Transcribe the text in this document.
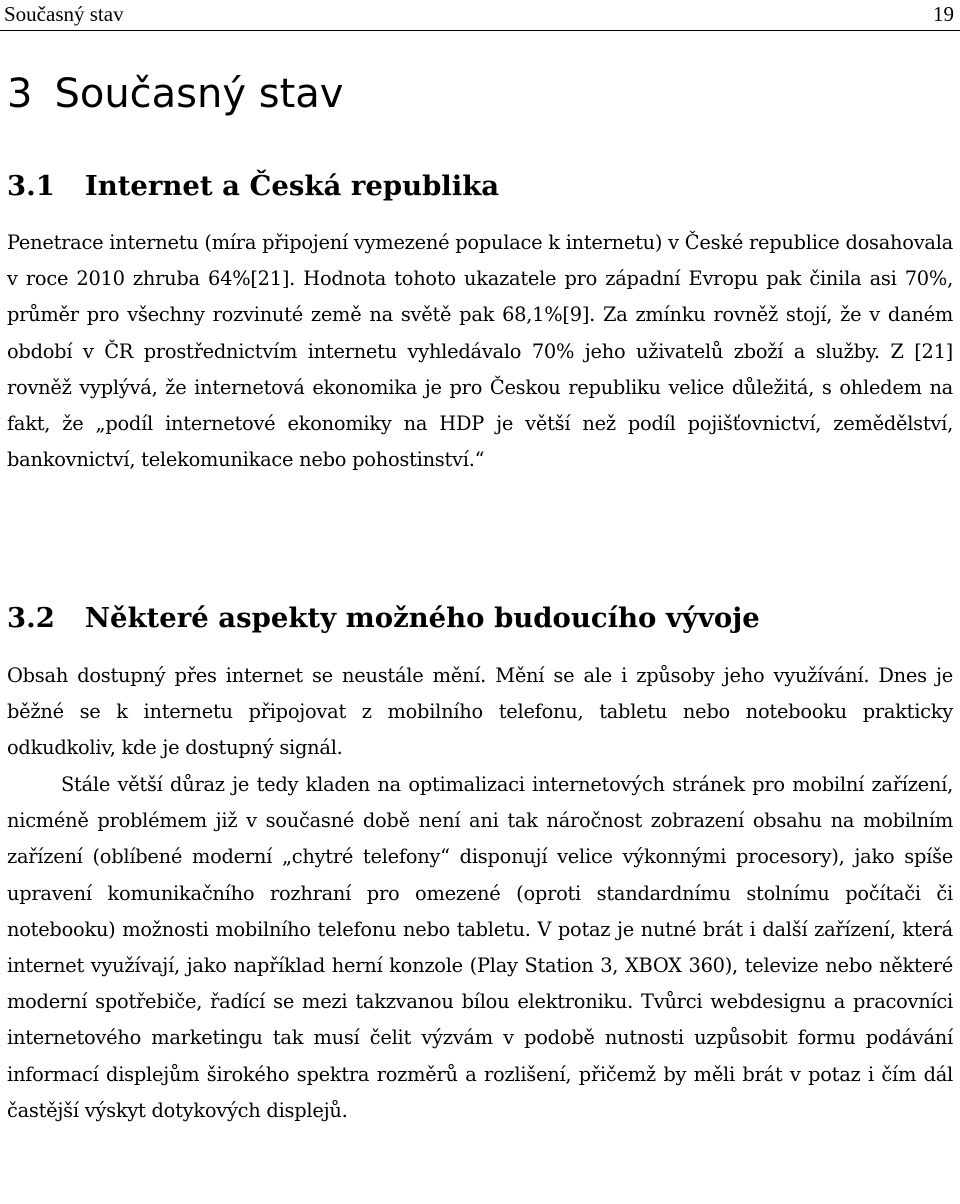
Současný stav	19
3 Současný stav
3.1 Internet a Česká republika

Penetrace internetu (míra připojení vymezené populace k internetu) v České republice dosahovala v roce 2010 zhruba 64%[21]. Hodnota tohoto ukazatele pro západní Evropu pak činila asi 70%, průměr pro všechny rozvinuté země na světě pak 68,1%[9]. Za zmínku rovněž stojí, že v daném období v ČR prostřednictvím internetu vyhledávalo 70% jeho uživatelů zboží a služby. Z [21] rovněž vyplývá, že internetová ekonomika je pro Českou republiku velice důležitá, s ohledem na fakt, že „podíl internetové ekonomiky na HDP je větší než podíl pojišťovnictví, zemědělství, bankovnictví, telekomunikace nebo pohostinství.“

3.2 Některé aspekty možného budoucího vývoje

Obsah dostupný přes internet se neustále mění. Mění se ale i způsoby jeho využívání. Dnes je běžné se k internetu připojovat z mobilního telefonu, tabletu nebo notebooku prakticky odkudkoliv, kde je dostupný signál.

Stále větší důraz je tedy kladen na optimalizaci internetových stránek pro mobilní zařízení, nicméně problémem již v současné době není ani tak náročnost zobrazení obsahu na mobilním zařízení (oblíbené moderní „chytré telefony“ disponují velice výkonnými procesory), jako spíše upravení komunikačního rozhraní pro omezené (oproti standardnímu stolnímu počítači či notebooku) možnosti mobilního telefonu nebo tabletu. V potaz je nutné brát i další zařízení, která internet využívají, jako například herní konzole (Play Station 3, XBOX 360), televize nebo některé moderní spotřebiče, řadící se mezi takzvanou bílou elektroniku. Tvůrci webdesignu a pracovníci internetového marketingu tak musí čelit výzvám v podobě nutnosti uzpůsobit formu podávání informací displejům širokého spektra rozměrů a rozlišení, přičemž by měli brát v potaz i čím dál častější výskyt dotykových displejů.
